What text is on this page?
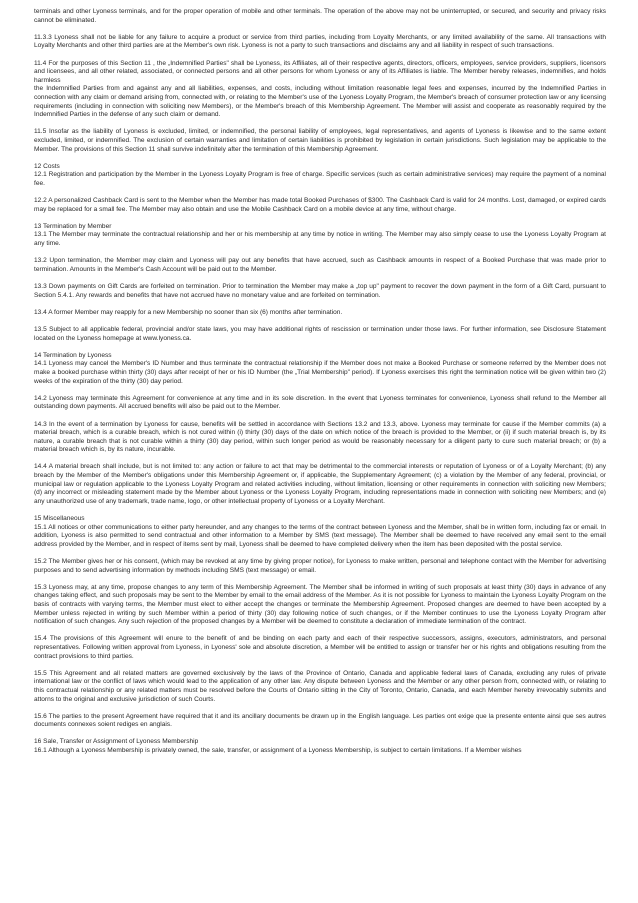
terminals and other Lyoness terminals, and for the proper operation of mobile and other terminals. The operation of the above may not be uninterrupted, or secured, and security and privacy risks cannot be eliminated.

11.3.3 Lyoness shall not be liable for any failure to acquire a product or service from third parties, including from Loyalty Merchants, or any limited availability of the same. All transactions with Loyalty Merchants and other third parties are at the Member's own risk. Lyoness is not a party to such transactions and disclaims any and all liability in respect of such transactions.

11.4 For the purposes of this Section 11 , the „Indemnified Parties" shall be Lyoness, its Affiliates, all of their respective agents, directors, officers, employees, service providers, suppliers, licensors and licensees, and all other related, associated, or connected persons and all other persons for whom Lyoness or any of its Affiliates is liable. The Member hereby releases, indemnifies, and holds harmless
the Indemnified Parties from and against any and all liabilities, expenses, and costs, including without limitation reasonable legal fees and expenses, incurred by the Indemnified Parties in connection with any claim or demand arising from, connected with, or relating to the Member's use of the Lyoness Loyalty Program, the Member's breach of consumer protection law or any licensing requirements (including in connection with soliciting new Members), or the Member's breach of this Membership Agreement. The Member will assist and cooperate as reasonably required by the Indemnified Parties in the defense of any such claim or demand.

11.5 Insofar as the liability of Lyoness is excluded, limited, or indemnified, the personal liability of employees, legal representatives, and agents of Lyoness is likewise and to the same extent excluded, limited, or indemnified. The exclusion of certain warranties and limitation of certain liabilities is prohibited by legislation in certain jurisdictions. Such legislation may be applicable to the Member. The provisions of this Section 11 shall survive indefinitely after the termination of this Membership Agreement.

12 Costs
12.1 Registration and participation by the Member in the Lyoness Loyalty Program is free of charge. Specific services (such as certain administrative services) may require the payment of a nominal fee.

12.2 A personalized Cashback Card is sent to the Member when the Member has made total Booked Purchases of $300. The Cashback Card is valid for 24 months. Lost, damaged, or expired cards may be replaced for a small fee. The Member may also obtain and use the Mobile Cashback Card on a mobile device at any time, without charge.

13 Termination by Member
13.1 The Member may terminate the contractual relationship and her or his membership at any time by notice in writing. The Member may also simply cease to use the Lyoness Loyalty Program at any time.

13.2 Upon termination, the Member may claim and Lyoness will pay out any benefits that have accrued, such as Cashback amounts in respect of a Booked Purchase that was made prior to termination. Amounts in the Member's Cash Account will be paid out to the Member.

13.3 Down payments on Gift Cards are forfeited on termination. Prior to termination the Member may make a „top up" payment to recover the down payment in the form of a Gift Card, pursuant to Section 5.4.1. Any rewards and benefits that have not accrued have no monetary value and are forfeited on termination.

13.4 A former Member may reapply for a new Membership no sooner than six (6) months after termination.

13.5 Subject to all applicable federal, provincial and/or state laws, you may have additional rights of rescission or termination under those laws. For further information, see Disclosure Statement located on the Lyoness homepage at www.lyoness.ca.

14 Termination by Lyoness
14.1 Lyoness may cancel the Member's ID Number and thus terminate the contractual relationship if the Member does not make a Booked Purchase or someone referred by the Member does not make a booked purchase within thirty (30) days after receipt of her or his ID Number (the „Trial Membership" period). If Lyoness exercises this right the termination notice will be given within two (2) weeks of the expiration of the thirty (30) day period.

14.2 Lyoness may terminate this Agreement for convenience at any time and in its sole discretion. In the event that Lyoness terminates for convenience, Lyoness shall refund to the Member all outstanding down payments. All accrued benefits will also be paid out to the Member.

14.3 In the event of a termination by Lyoness for cause, benefits will be settled in accordance with Sections 13.2 and 13.3, above. Lyoness may terminate for cause if the Member commits (a) a material breach, which is a curable breach, which is not cured within (i) thirty (30) days of the date on which notice of the breach is provided to the Member, or (ii) if such material breach is, by its nature, a curable breach that is not curable within a thirty (30) day period, within such longer period as would be reasonably necessary for a diligent party to cure such material breach; or (b) a material breach which is, by its nature, incurable.

14.4 A material breach shall include, but is not limited to: any action or failure to act that may be detrimental to the commercial interests or reputation of Lyoness or of a Loyalty Merchant; (b) any breach by the Member of the Member's obligations under this Membership Agreement or, if applicable, the Supplementary Agreement; (c) a violation by the Member of any federal, provincial, or municipal law or regulation applicable to the Lyoness Loyalty Program and related activities including, without limitation, licensing or other requirements in connection with soliciting new Members; (d) any incorrect or misleading statement made by the Member about Lyoness or the Lyoness Loyalty Program, including representations made in connection with soliciting new Members; and (e) any unauthorized use of any trademark, trade name, logo, or other intellectual property of Lyoness or a Loyalty Merchant.

15 Miscellaneous
15.1 All notices or other communications to either party hereunder, and any changes to the terms of the contract between Lyoness and the Member, shall be in written form, including fax or email. In addition, Lyoness is also permitted to send contractual and other information to a Member by SMS (text message). The Member shall be deemed to have received any email sent to the email address provided by the Member, and in respect of items sent by mail, Lyoness shall be deemed to have completed delivery when the item has been deposited with the postal service.

15.2 The Member gives her or his consent, (which may be revoked at any time by giving proper notice), for Lyoness to make written, personal and telephone contact with the Member for advertising purposes and to send advertising information by methods including SMS (text message) or email.

15.3 Lyoness may, at any time, propose changes to any term of this Membership Agreement. The Member shall be informed in writing of such proposals at least thirty (30) days in advance of any changes taking effect, and such proposals may be sent to the Member by email to the email address of the Member. As it is not possible for Lyoness to maintain the Lyoness Loyalty Program on the basis of contracts with varying terms, the Member must elect to either accept the changes or terminate the Membership Agreement. Proposed changes are deemed to have been accepted by a Member unless rejected in writing by such Member within a period of thirty (30) day following notice of such changes, or if the Member continues to use the Lyoness Loyalty Program after notification of such changes. Any such rejection of the proposed changes by a Member will be deemed to constitute a declaration of immediate termination of the contract.

15.4 The provisions of this Agreement will enure to the benefit of and be binding on each party and each of their respective successors, assigns, executors, administrators, and personal representatives. Following written approval from Lyoness, in Lyoness' sole and absolute discretion, a Member will be entitled to assign or transfer her or his rights and obligations resulting from the contract provisions to third parties.

15.5 This Agreement and all related matters are governed exclusively by the laws of the Province of Ontario, Canada and applicable federal laws of Canada, excluding any rules of private international law or the conflict of laws which would lead to the application of any other law. Any dispute between Lyoness and the Member or any other person from, connected with, or relating to this contractual relationship or any related matters must be resolved before the Courts of Ontario sitting in the City of Toronto, Ontario, Canada, and each Member hereby irrevocably submits and attorns to the original and exclusive jurisdiction of such Courts.

15.6 The parties to the present Agreement have required that it and its ancillary documents be drawn up in the English language. Les parties ont exige que la presente entente ainsi que ses autres documents connexes soient rediges en anglais.

16 Sale, Transfer or Assignment of Lyoness Membership
16.1 Although a Lyoness Membership is privately owned, the sale, transfer, or assignment of a Lyoness Membership, is subject to certain limitations. If a Member wishes
